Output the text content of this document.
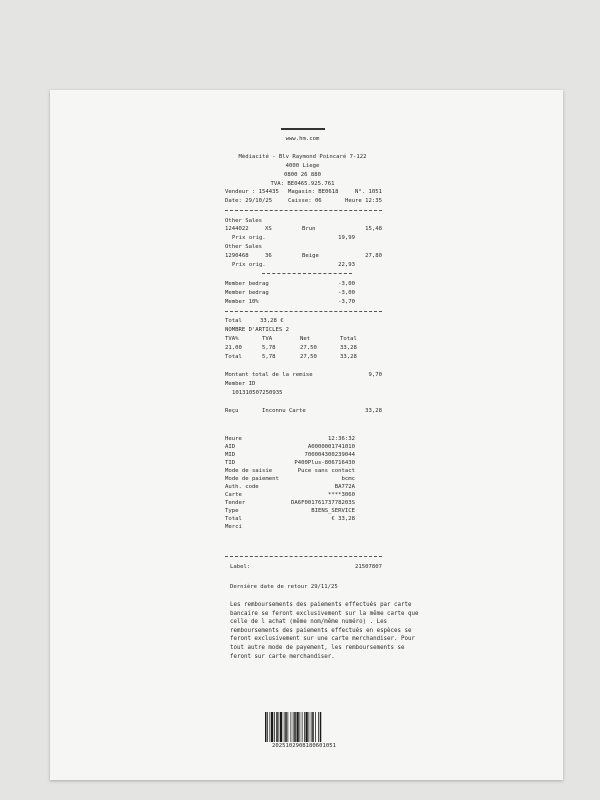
www.hm.com
Médiacité - Blv Raymond Poincaré 7-122
4000 Liege
0800 26 880
TVA: BE0465.925.761
Vendeur : 154435 Magasin: BE0618	N°. 1051
Date: 29/10/25	Caisse: 06	Heure 12:35
Other Sales
1244022	XS	Brun	15,48
Prix orig.	19,99
Other Sales
1290468	36	Beige	27,80
Prix orig.	22,93
Member bedrag	-3,00
Member bedrag	-3,00
Member 10%	-3,70
Total	33,28 €
NOMBRE D'ARTICLES 2
TVA%	TVA	Net	Total
21,00	5,78	27,50	33,28
Total	5,78	27,50	33,28
Montant total de la remise	9,70
Member ID
101310507250935
Reçu	Inconnu Carte	33,28
Heure	12:36:32
AID	A0000001741010
MID	700004300239044
TID	P400Plus-806716430
Mode de saisie	Puce sans contact
Mode de paiement	bcmc
Auth. code	BA772A
Carte	****3060
Tender	DA6F00176173778203S
Type	BIENS_SERVICE
Total	€ 33,28
Merci
Label:	21507807
Dernière date de retour 29/11/25
Les remboursements des paiements effectués par carte bancaire se feront exclusivement sur la même carte que celle de l achat (même nom/même numéro) . Les remboursements des paiements effectués en espèces se feront exclusivement sur une carte merchandiser. Pour tout autre mode de payement, les remboursements se feront sur carte merchandiser.
2025102908180601051
